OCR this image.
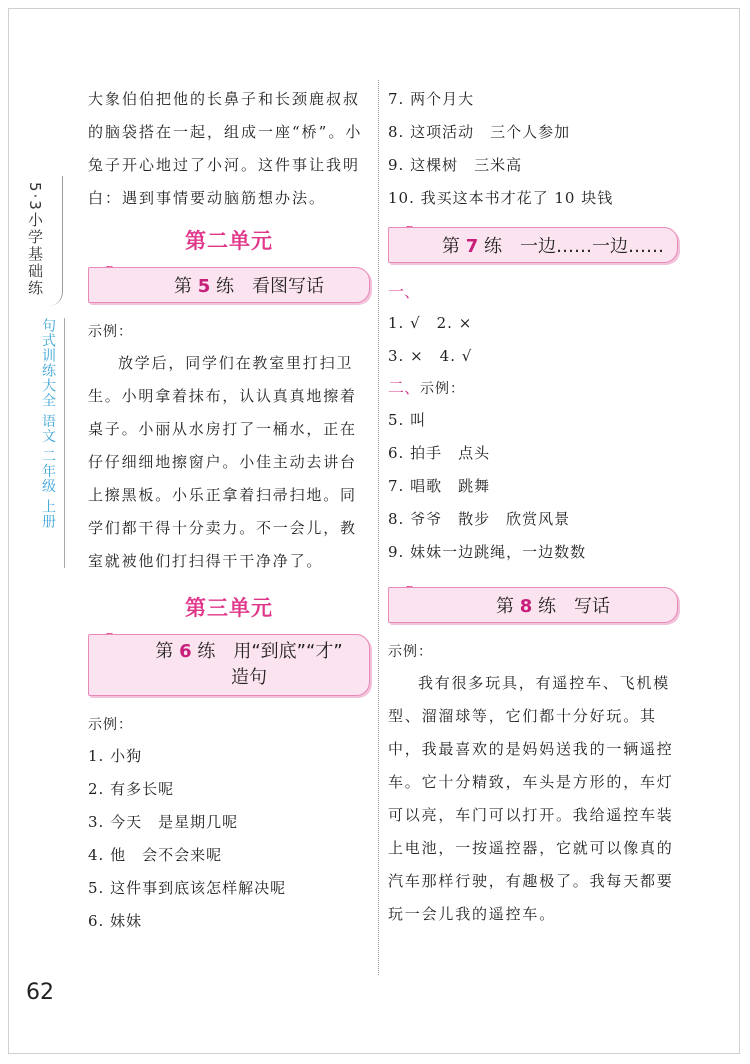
5·3小学基础练
句式训练大全 语文 二年级 上册
大象伯伯把他的长鼻子和长颈鹿叔叔
的脑袋搭在一起，组成一座“桥”。小
兔子开心地过了小河。这件事让我明
白：遇到事情要动脑筋想办法。
第二单元
第 5 练　看图写话
示例：
放学后，同学们在教室里打扫卫生。小明拿着抹布，认认真真地擦着桌子。小丽从水房打了一桶水，正在仔仔细细地擦窗户。小佳主动去讲台上擦黑板。小乐正拿着扫帚扫地。同学们都干得十分卖力。不一会儿，教室就被他们打扫得干干净净了。
第三单元
第 6 练　用“到底”“才”
造句
示例：
1. 小狗
2. 有多长呢
3. 今天　是星期几呢
4. 他　会不会来呢
5. 这件事到底该怎样解决呢
6. 妹妹
7. 两个月大
8. 这项活动　三个人参加
9. 这棵树　三米高
10. 我买这本书才花了 10 块钱
第 7 练　一边……一边……
一、
1. √　2. ×
3. ×　4. √
二、示例：
5. 叫
6. 拍手　点头
7. 唱歌　跳舞
8. 爷爷　散步　欣赏风景
9. 妹妹一边跳绳，一边数数
第 8 练　写话
示例：
我有很多玩具，有遥控车、飞机模型、溜溜球等，它们都十分好玩。其中，我最喜欢的是妈妈送我的一辆遥控车。它十分精致，车头是方形的，车灯可以亮，车门可以打开。我给遥控车装上电池，一按遥控器，它就可以像真的汽车那样行驶，有趣极了。我每天都要玩一会儿我的遥控车。
62
